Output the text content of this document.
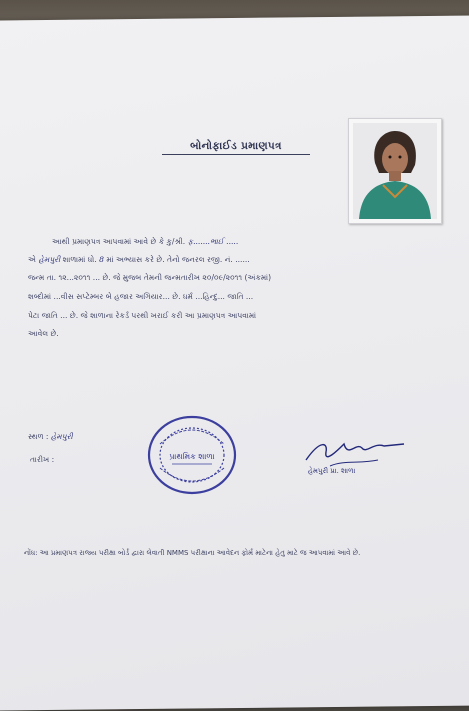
બોનોફાઈડ પ્રમાણપત્ર
આથી પ્રમાણપત્ર આપવામાં આવે છે કે કુ/શ્રી. ફ.......ભાઈ .....
એ હેમપુરી શાળામાં ધો. 8 માં અભ્યાસ કરે છે. તેનો જનરલ રજી. નં. ......
જન્મ તા. ૧૨...૨૦૧૧ ... છે. જે મુજબ તેમની જન્મતારીખ ૨૦/૦૯/૨૦૧૧ (અંકમાં)
શબ્દોમાં ...વીસ સપ્ટેમ્બર બે હજાર અગિયાર... છે. ધર્મ ...હિન્દુ... જાતિ ...
પેટા જાતિ ... છે. જે શાળાના રેકર્ડ પરથી ખરાઈ કરી આ પ્રમાણપત્ર આપવામાં
આવેલ છે.
સ્થળ : હેમપુરી
તારીખ :	પ્રાથમિક શાળા
હેમપુરી પ્રા. શાળા
નોંધ: આ પ્રમાણપત્ર રાજ્ય પરીક્ષા બોર્ડ દ્વારા લેવાતી NMMS પરીક્ષાના આવેદન ફોર્મ માટેના હેતુ માટે જ આપવામાં આવે છે.
